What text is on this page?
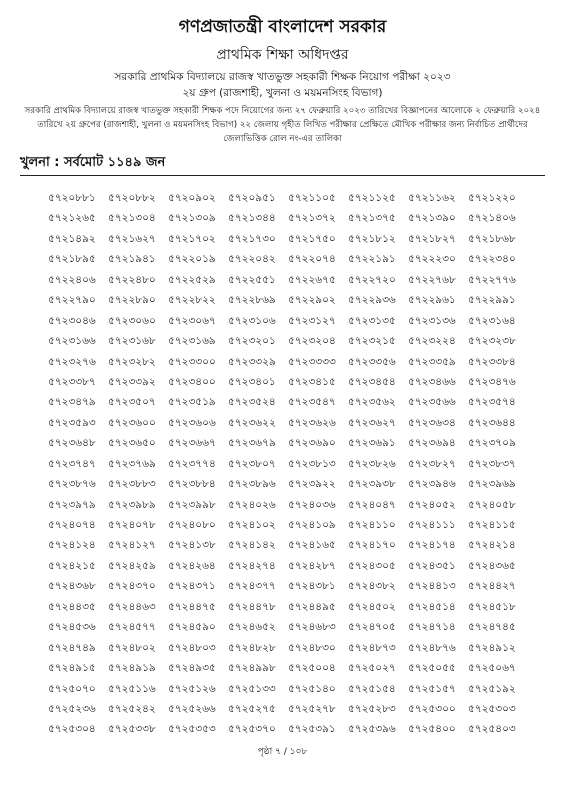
গণপ্রজাতন্ত্রী বাংলাদেশ সরকার
প্রাথমিক শিক্ষা অধিদপ্তর
সরকারি প্রাথমিক বিদ্যালয়ে রাজস্ব খাতভুক্ত সহকারী শিক্ষক নিয়োগ পরীক্ষা ২০২৩
২য় গ্রুপ (রাজশাহী, খুলনা ও ময়মনসিংহ বিভাগ)
সরকারি প্রাথমিক বিদ্যালয়ে রাজস্ব খাতভুক্ত সহকারী শিক্ষক পদে নিয়োগের জন্য ২৭ ফেব্রুয়ারি ২০২৩ তারিখের বিজ্ঞাপনের আলোকে ২ ফেব্রুয়ারি ২০২৪ তারিখে ২য় গ্রুপের (রাজশাহী, খুলনা ও ময়মনসিংহ বিভাগ) ২২ জেলায় গৃহীত লিখিত পরীক্ষার প্রেক্ষিতে মৌখিক পরীক্ষার জন্য নির্বাচিত প্রার্থীদের জেলাভিত্তিক রোল নং-এর তালিকা
খুলনা : সর্বমোট ১১৪৯ জন
৫৭২০৮৮১	৫৭২০৮৮২	৫৭২০৯০২	৫৭২০৯৫১	৫৭২১১০৫	৫৭২১১২৫	৫৭২১১৬২	৫৭২১২২০
৫৭২১২৬৫	৫৭২১৩০৪	৫৭২১৩০৯	৫৭২১৩৪৪	৫৭২১৩৭২	৫৭২১৩৭৫	৫৭২১৩৯০	৫৭২১৪০৬
৫৭২১৪৯২	৫৭২১৬২৭	৫৭২১৭০২	৫৭২১৭৩০	৫৭২১৭৫০	৫৭২১৮১২	৫৭২১৮২৭	৫৭২১৮৬৮
৫৭২১৮৯৫	৫৭২১৯৪১	৫৭২২০১৯	৫৭২২০৪২	৫৭২২০৭৪	৫৭২২১৯১	৫৭২২২৩০	৫৭২২৩৪০
৫৭২২৪০৬	৫৭২২৪৮০	৫৭২২৫২৯	৫৭২২৫৫১	৫৭২২৬৭৫	৫৭২২৭২০	৫৭২২৭৬৮	৫৭২২৭৭৬
৫৭২২৭৯০	৫৭২২৮৯০	৫৭২২৮২২	৫৭২২৮৬৯	৫৭২২৯০২	৫৭২২৯৩৬	৫৭২২৯৬১	৫৭২২৯৯১
৫৭২৩০৪৬	৫৭২৩০৬০	৫৭২৩০৬৭	৫৭২৩১০৬	৫৭২৩১২৭	৫৭২৩১৩৫	৫৭২৩১৩৬	৫৭২৩১৬৪
৫৭২৩১৬৬	৫৭২৩১৬৮	৫৭২৩১৬৯	৫৭২৩২০১	৫৭২৩২০৪	৫৭২৩২১৫	৫৭২৩২২৪	৫৭২৩২৩৮
৫৭২৩২৭৬	৫৭২৩২৮২	৫৭২৩৩০০	৫৭২৩৩২৯	৫৭২৩৩৩৩	৫৭২৩৩৫৬	৫৭২৩৩৫৯	৫৭২৩৩৮৪
৫৭২৩৩৮৭	৫৭২৩৩৯২	৫৭২৩৪০০	৫৭২৩৪০১	৫৭২৩৪১৫	৫৭২৩৪৫৪	৫৭২৩৪৬৬	৫৭২৩৪৭৬
৫৭২৩৪৭৯	৫৭২৩৫০৭	৫৭২৩৫১৯	৫৭২৩৫২৪	৫৭২৩৫৪৭	৫৭২৩৫৬২	৫৭২৩৫৬৬	৫৭২৩৫৭৪
৫৭২৩৫৯৩	৫৭২৩৬০০	৫৭২৩৬০৬	৫৭২৩৬২২	৫৭২৩৬২৬	৫৭২৩৬২৭	৫৭২৩৬৩৪	৫৭২৩৬৪৪
৫৭২৩৬৪৮	৫৭২৩৬৫০	৫৭২৩৬৬৭	৫৭২৩৬৭৯	৫৭২৩৬৯০	৫৭২৩৬৯১	৫৭২৩৬৯৪	৫৭২৩৭০৯
৫৭২৩৭৪৭	৫৭২৩৭৬৯	৫৭২৩৭৭৪	৫৭২৩৮০৭	৫৭২৩৮১৩	৫৭২৩৮২৬	৫৭২৩৮২৭	৫৭২৩৮৩৭
৫৭২৩৮৭৬	৫৭২৩৮৮৩	৫৭২৩৮৮৪	৫৭২৩৮৯৬	৫৭২৩৯২২	৫৭২৩৯৩৮	৫৭২৩৯৪৬	৫৭২৩৯৬৯
৫৭২৩৯৭৯	৫৭২৩৯৮৯	৫৭২৩৯৯৮	৫৭২৪০২৬	৫৭২৪০৩৬	৫৭২৪০৪৭	৫৭২৪০৫২	৫৭২৪০৫৮
৫৭২৪০৭৪	৫৭২৪০৭৮	৫৭২৪০৮০	৫৭২৪১০২	৫৭২৪১০৯	৫৭২৪১১০	৫৭২৪১১১	৫৭২৪১১৫
৫৭২৪১২৪	৫৭২৪১২৭	৫৭২৪১৩৮	৫৭২৪১৪২	৫৭২৪১৬৫	৫৭২৪১৭০	৫৭২৪১৭৪	৫৭২৪২১৪
৫৭২৪২১৫	৫৭২৪২৫৯	৫৭২৪২৬৪	৫৭২৪২৭৪	৫৭২৪২৮৭	৫৭২৪৩০৫	৫৭২৪৩৫১	৫৭২৪৩৬৫
৫৭২৪৩৬৮	৫৭২৪৩৭০	৫৭২৪৩৭১	৫৭২৪৩৭৭	৫৭২৪৩৮১	৫৭২৪৩৮২	৫৭২৪৪১৩	৫৭২৪৪২৭
৫৭২৪৪৩৫	৫৭২৪৪৬৩	৫৭২৪৪৭৫	৫৭২৪৪৭৮	৫৭২৪৪৯৫	৫৭২৪৫০২	৫৭২৪৫১৪	৫৭২৪৫১৮
৫৭২৪৫৩৬	৫৭২৪৫৭৭	৫৭২৪৫৯০	৫৭২৪৬৫২	৫৭২৪৬৮৩	৫৭২৪৭০৫	৫৭২৪৭১৪	৫৭২৪৭৪৫
৫৭২৪৭৪৯	৫৭২৪৮০২	৫৭২৪৮০৩	৫৭২৪৮২৮	৫৭২৪৮৩০	৫৭২৪৮৭৩	৫৭২৪৮৭৬	৫৭২৪৯১২
৫৭২৪৯১৫	৫৭২৪৯১৯	৫৭২৪৯৩৫	৫৭২৪৯৯৮	৫৭২৫০০৪	৫৭২৫০২৭	৫৭২৫০৫৫	৫৭২৫০৬৭
৫৭২৫০৭০	৫৭২৫১১৬	৫৭২৫১২৬	৫৭২৫১৩৩	৫৭২৫১৪০	৫৭২৫১৫৪	৫৭২৫১৫৭	৫৭২৫১৯২
৫৭২৫২৩৬	৫৭২৫২৪২	৫৭২৫২৬৬	৫৭২৫২৭৫	৫৭২৫২৭৮	৫৭২৫২৮৩	৫৭২৫৩০০	৫৭২৫৩০৩
৫৭২৫৩০৪	৫৭২৫৩৩৮	৫৭২৫৩৫৩	৫৭২৫৩৭০	৫৭২৫৩৯১	৫৭২৫৩৯৬	৫৭২৫৪০০	৫৭২৫৪০৩
পৃষ্ঠা ৭ / ১০৮
